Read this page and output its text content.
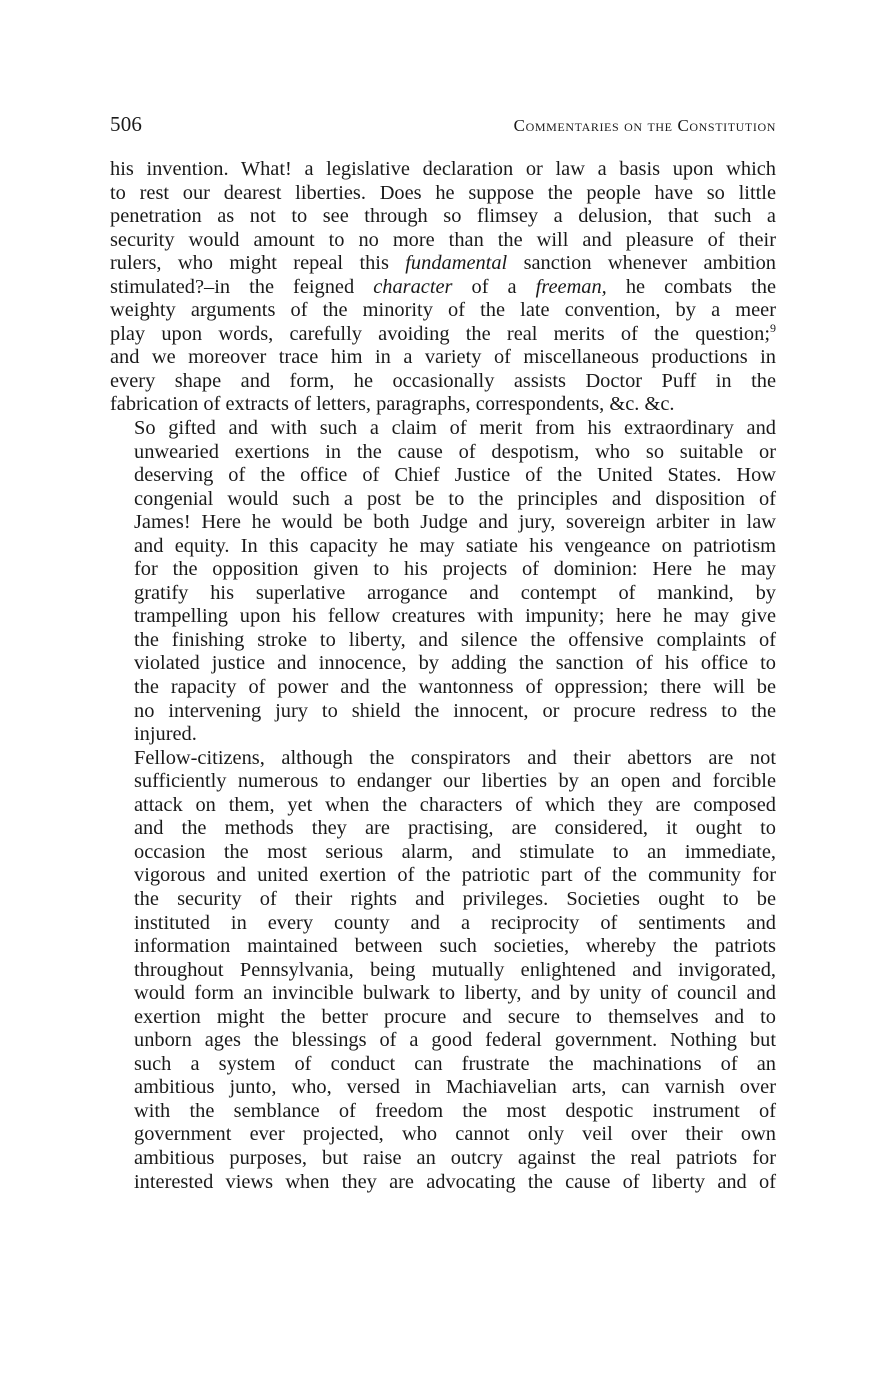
506	Commentaries on the Constitution

his invention. What! a legislative declaration or law a basis upon which
to rest our dearest liberties. Does he suppose the people have so little
penetration as not to see through so flimsey a delusion, that such a
security would amount to no more than the will and pleasure of their
rulers, who might repeal this fundamental sanction whenever ambition
stimulated?–in the feigned character of a freeman, he combats the
weighty arguments of the minority of the late convention, by a meer
play upon words, carefully avoiding the real merits of the question;$^9$
and we moreover trace him in a variety of miscellaneous productions in
every shape and form, he occasionally assists Doctor Puff in the
fabrication of extracts of letters, paragraphs, correspondents, &c. &c.

So gifted and with such a claim of merit from his extraordinary and
unwearied exertions in the cause of despotism, who so suitable or
deserving of the office of Chief Justice of the United States. How
congenial would such a post be to the principles and disposition of
James! Here he would be both Judge and jury, sovereign arbiter in law
and equity. In this capacity he may satiate his vengeance on patriotism
for the opposition given to his projects of dominion: Here he may
gratify his superlative arrogance and contempt of mankind, by
trampelling upon his fellow creatures with impunity; here he may give
the finishing stroke to liberty, and silence the offensive complaints of
violated justice and innocence, by adding the sanction of his office to
the rapacity of power and the wantonness of oppression; there will be
no intervening jury to shield the innocent, or procure redress to the
injured.

Fellow-citizens, although the conspirators and their abettors are not
sufficiently numerous to endanger our liberties by an open and forcible
attack on them, yet when the characters of which they are composed
and the methods they are practising, are considered, it ought to
occasion the most serious alarm, and stimulate to an immediate,
vigorous and united exertion of the patriotic part of the community for
the security of their rights and privileges. Societies ought to be
instituted in every county and a reciprocity of sentiments and
information maintained between such societies, whereby the patriots
throughout Pennsylvania, being mutually enlightened and invigorated,
would form an invincible bulwark to liberty, and by unity of council and
exertion might the better procure and secure to themselves and to
unborn ages the blessings of a good federal government. Nothing but
such a system of conduct can frustrate the machinations of an
ambitious junto, who, versed in Machiavelian arts, can varnish over
with the semblance of freedom the most despotic instrument of
government ever projected, who cannot only veil over their own
ambitious purposes, but raise an outcry against the real patriots for
interested views when they are advocating the cause of liberty and of
